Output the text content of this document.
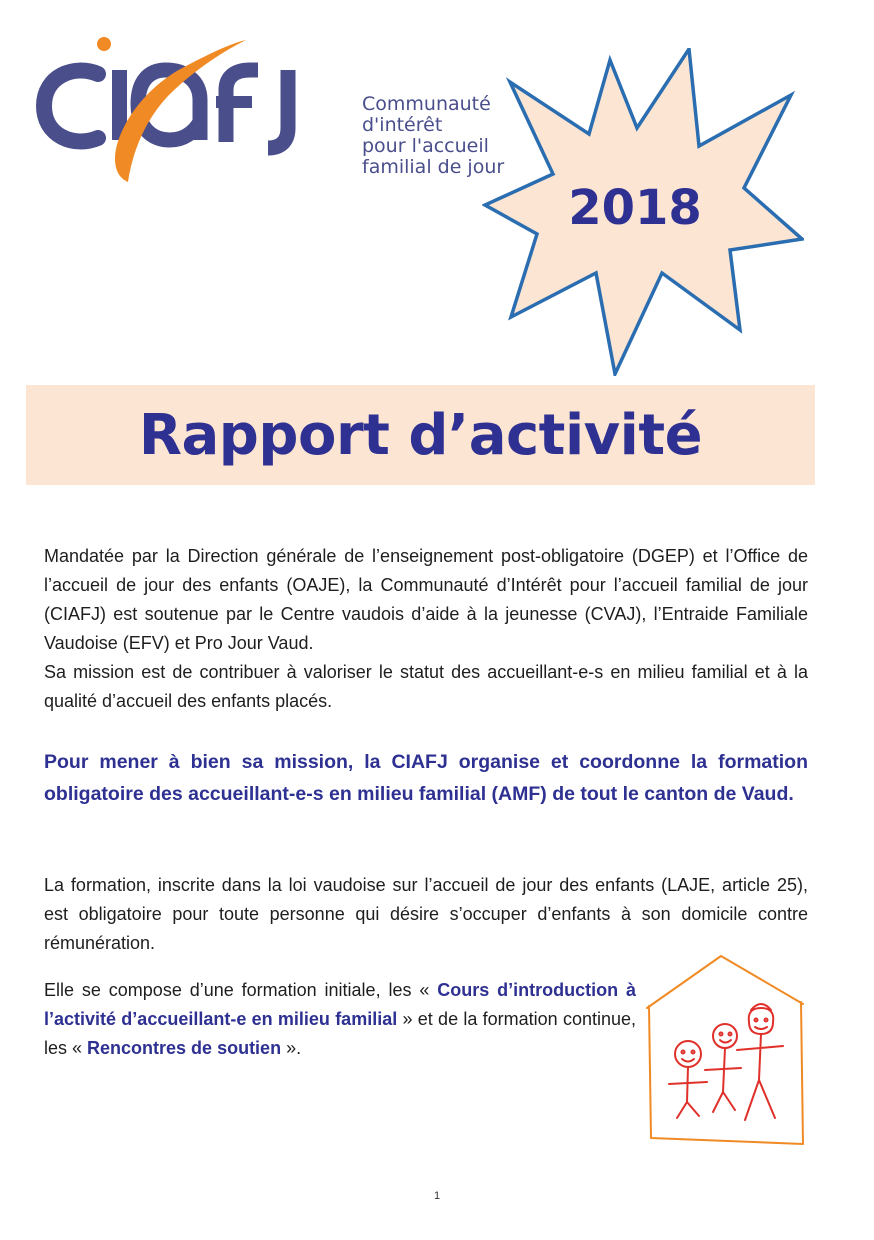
Communauté
d'intérêt
pour l'accueil
familial de jour
2018
Rapport d’activité

Mandatée par la Direction générale de l’enseignement post-obligatoire (DGEP) et l’Office de l’accueil de jour des enfants (OAJE), la Communauté d’Intérêt pour l’accueil familial de jour (CIAFJ) est soutenue par le Centre vaudois d’aide à la jeunesse (CVAJ), l’Entraide Familiale Vaudoise (EFV) et Pro Jour Vaud.

Sa mission est de contribuer à valoriser le statut des accueillant-e-s en milieu familial et à la qualité d’accueil des enfants placés.

Pour mener à bien sa mission, la CIAFJ organise et coordonne la formation obligatoire des accueillant-e-s en milieu familial (AMF) de tout le canton de Vaud.
La formation, inscrite dans la loi vaudoise sur l’accueil de jour des enfants (LAJE, article 25), est obligatoire pour toute personne qui désire s’occuper d’enfants à son domicile contre rémunération.
Elle se compose d’une formation initiale, les « Cours d’introduction à l’activité d’accueillant-e en milieu familial » et de la formation continue, les « Rencontres de soutien ».
1
